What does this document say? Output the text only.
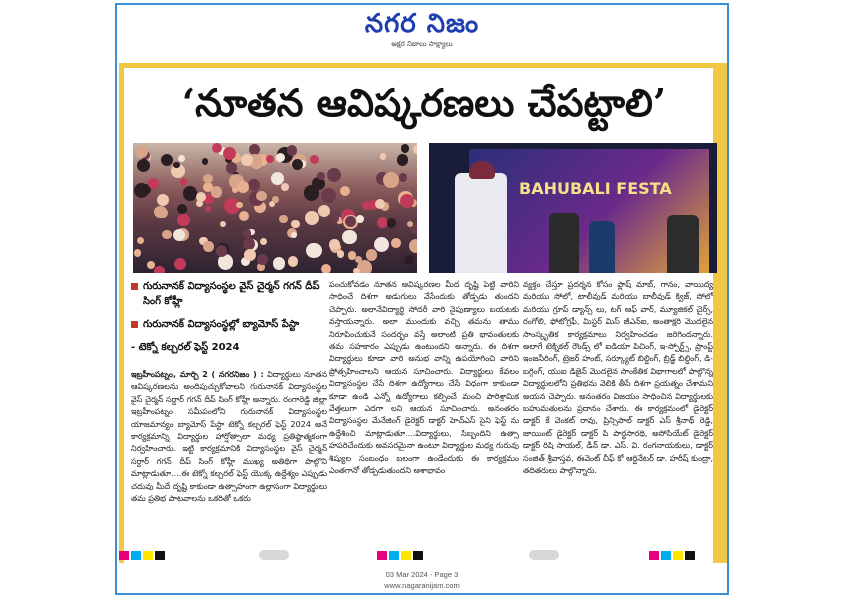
నగర నిజం
అక్షర నిజాలు సాక్ష్యాలు
‘నూతన ఆవిష్కరణలు చేపట్టాలి’
BAHUBALI FESTA
గురునానక్ విద్యాసంస్థల వైస్ చైర్మన్ గగన్ దీప్ సింగ్ కోహ్లీ
గురునానక్ విద్యాసంస్థల్లో బ్యామోస్ పేస్టా
- టెక్నో కల్చరల్ ఫెస్ట్ 2024
ఇబ్రహీంపట్నం, మార్చి 2 ( నగరనిజం ) : విద్యార్థులు నూతన ఆవిష్కరణలను అందిపుచ్చుకోవాలని గురునానక్ విద్యాసంస్థల వైస్ చైర్మన్ సర్దార్ గగన్ దీప్ సింగ్ కోహ్లీ అన్నారు. రంగారెడ్డి జిల్లా ఇబ్రహీంపట్నం సమీపంలోని గురునానక్ విద్యాసంస్థల యాజమాన్యం బ్యామోస్ పేస్టా టెక్నో కల్చరల్ ఫెస్ట్ 2024 అనే కార్యక్రమాన్ని విద్యార్థుల హార్షోత్సాలా మధ్య ప్రతిష్ఠాత్మకంగా నిర్వహించారు. ఇట్టి కార్యక్రమానికి విద్యాసంస్థల వైస్ చైర్మన్ సర్దార్ గగన్ దీప్ సింగ్ కోహ్లీ ముఖ్య అతిథిగా పాల్గొని మాట్లాడుతూ....ఈ టెక్నో కల్చరల్ ఫెస్ట్ యొక్క ఉద్దేశ్యం ఎప్పుడు చదువు మీదే దృష్టి కాకుండా ఉత్సాహంగా ఉల్లాసంగా విద్యార్థులు తమ ప్రతిభ పాటవాలను ఒకరితో ఒకరు
పంచుకోవడం నూతన ఆవిష్కరణల మీద దృష్టి పెట్టి వారిని సాధించే దిశగా అడుగులు వేసేందుకు తోడ్పడు తుందని చెప్పారు. అలానేవిద్యార్థి సోదరీ వారి నైపుణ్యాలు బయటకు వస్తాయన్నారు. అలా ముందుకు వచ్చి తమను తాము నిరూపించుకునే సందర్భం వస్తే అలాంటి ప్రతి భావంతులకు తమ సహకారం ఎప్పుడు ఉంటుందని అన్నారు. ఈ దిశగా విద్యార్థులు కూడా వారి అనుభ వాన్ని ఉపయోగించి వారిని ప్రోత్సహించాలని ఆయన సూచించారు. విద్యార్థులు కేవలం విద్యాసంస్థల చేసే దిశగా ఉద్యోగాలు చేసే విధంగా కాకుండా కూడా ఉండి ఎన్నో ఉద్యోగాలు కల్పించే మంచి పారిశ్రామిక వేత్తలుగా ఎదగా లని ఆయన సూచించారు. అనంతరం విద్యాసంస్థల మేనేజింగ్ డైరెక్టర్ డాక్టర్ హెచ్ఎస్ సైని ఫెస్ట్ ను ఉద్దేశించి మాట్లాడుతూ....విద్యార్థులు, సిబ్బందిని ఉత్సా హపరిచేందుకు అవసరమైనా ఉంటూ విద్యార్థుల మధ్య గురువు శిష్యుల సంబంధం బలంగా ఉండేందుకు ఈ కార్యక్రమం ఎంతగానో తోడ్పడుతుందని ఆశాభావం
వ్యక్తం చేస్తూ ప్రదర్శన కోసం ఫ్లాష్ మాబ్, గానం, వాయిద్య మరియు సోలో, టాలీవుడ్ మరియు బాలీవుడ్ క్విజ్, సోలో మరియు గ్రూప్ డ్యాన్స్ లు, టగ్ ఆఫ్ వార్, మ్యూజికల్ చైర్స్, రంగోలి, ఫోటోగ్రఫీ, మిస్టర్ మిస్ జీఎన్ఐ, అంతాక్షరి మొదలైన సాంస్కృతిక కార్యక్రమాలు నిర్వహించడం జరిగిందన్నారు. అలాగే టెక్నికల్ రౌండ్స్ లో ఐడియా పిచింగ్, ఇ-స్పోర్ట్స్, ప్రాంప్ట్ ఇంజనీరింగ్, ట్రెజర్ హంట్, సర్క్యూట్ బిల్డింగ్, బ్రిడ్జ్ బిల్డింగ్, డి-బగ్గింగ్, యుఐ డిజైన్ మొదలైన సాంకేతిక విభాగాలలో పాల్గొన్న విద్యార్థులలోని ప్రతిభను వెలికి తీసే దిశగా ప్రయత్నం చేశామని అయన చెప్పారు. అనంతరం విజయం సాధించిన విద్యార్థులకు బహుమతులను ప్రదానం చేశారు. ఈ కార్యక్రమంలో డైరెక్టర్ డాక్టర్ కే వెంకట్ రావు, ప్రిన్సిపాల్ డాక్టర్ ఎస్ శ్రీనాథ్ రెడ్డి, జాయింట్ డైరెక్టర్ డాక్టర్ పి పార్థసారథి, అసోసియేట్ డైరెక్టర్ డాక్టర్ రిషి సాయల్, డీన్ డా. ఎస్. వి. రంగనాయకులు, డాక్టర్ సంజిత్ శ్రీవాస్తవ, ఈవెంట్ చీఫ్ కో ఆర్డినేటర్ డా. హరీష్ కుంద్రా, తదితరులు పాల్గొన్నారు.
03 Mar 2024 - Page 3
www.nagaranijam.com
